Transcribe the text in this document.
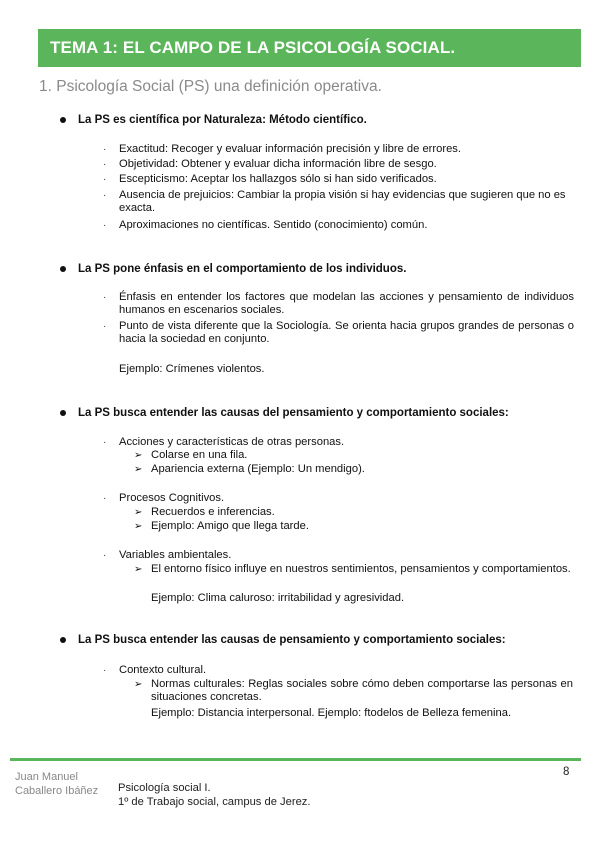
TEMA 1: EL CAMPO DE LA PSICOLOGÍA SOCIAL.
1. Psicología Social (PS) una definición operativa.
La PS es científica por Naturaleza: Método científico.
· Exactitud: Recoger y evaluar información precisión y libre de errores.
· Objetividad: Obtener y evaluar dicha información libre de sesgo.
· Escepticismo: Aceptar los hallazgos sólo si han sido verificados.
· Ausencia de prejuicios: Cambiar la propia visión si hay evidencias que sugieren que no es exacta.
· Aproximaciones no científicas. Sentido (conocimiento) común.
La PS pone énfasis en el comportamiento de los individuos.
· Énfasis en entender los factores que modelan las acciones y pensamiento de individuos humanos en escenarios sociales.
· Punto de vista diferente que la Sociología. Se orienta hacia grupos grandes de personas o hacia la sociedad en conjunto.
Ejemplo: Crímenes violentos.
La PS busca entender las causas del pensamiento y comportamiento sociales:
· Acciones y características de otras personas.
➢ Colarse en una fila.
➢ Apariencia externa (Ejemplo: Un mendigo).
· Procesos Cognitivos.
➢ Recuerdos e inferencias.
➢ Ejemplo: Amigo que llega tarde.
· Variables ambientales.
➢ El entorno físico influye en nuestros sentimientos, pensamientos y comportamientos.
Ejemplo: Clima caluroso: irritabilidad y agresividad.
La PS busca entender las causas de pensamiento y comportamiento sociales:
· Contexto cultural.
➢ Normas culturales: Reglas sociales sobre cómo deben comportarse las personas en situaciones concretas.
Ejemplo: Distancia interpersonal. Ejemplo: ftodelos de Belleza femenina.
Juan Manuel Caballero Ibáñez	Psicología social I.
1º de Trabajo social, campus de Jerez.
8
